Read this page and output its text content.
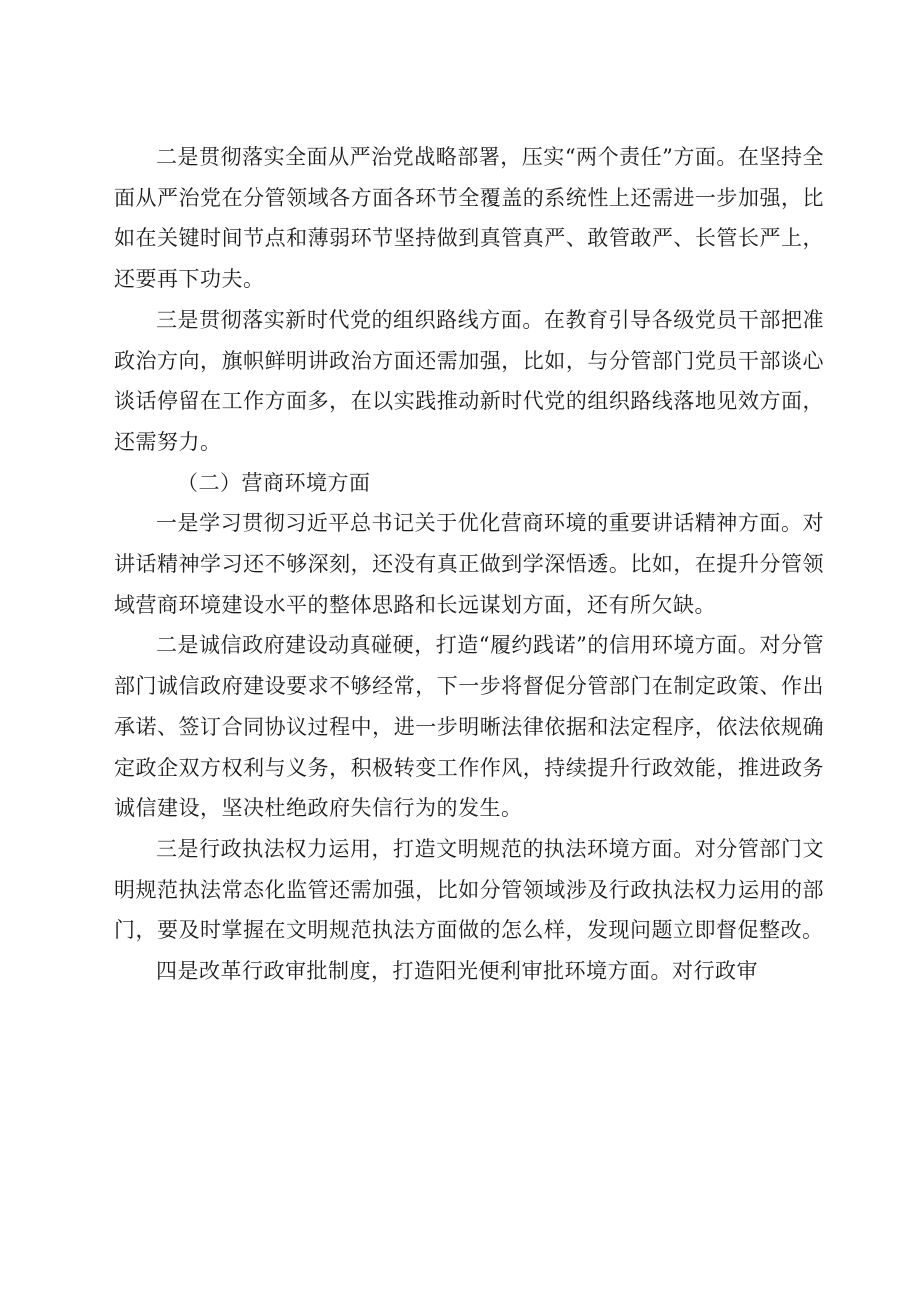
二是贯彻落实全面从严治党战略部署，压实“两个责任”方面。在坚持全面从严治党在分管领域各方面各环节全覆盖的系统性上还需进一步加强，比如在关键时间节点和薄弱环节坚持做到真管真严、敢管敢严、长管长严上，还要再下功夫。

三是贯彻落实新时代党的组织路线方面。在教育引导各级党员干部把准政治方向，旗帜鲜明讲政治方面还需加强，比如，与分管部门党员干部谈心谈话停留在工作方面多，在以实践推动新时代党的组织路线落地见效方面，还需努力。

（二）营商环境方面

一是学习贯彻习近平总书记关于优化营商环境的重要讲话精神方面。对讲话精神学习还不够深刻，还没有真正做到学深悟透。比如，在提升分管领域营商环境建设水平的整体思路和长远谋划方面，还有所欠缺。

二是诚信政府建设动真碰硬，打造“履约践诺”的信用环境方面。对分管部门诚信政府建设要求不够经常，下一步将督促分管部门在制定政策、作出承诺、签订合同协议过程中，进一步明晰法律依据和法定程序，依法依规确定政企双方权利与义务，积极转变工作作风，持续提升行政效能，推进政务诚信建设，坚决杜绝政府失信行为的发生。

三是行政执法权力运用，打造文明规范的执法环境方面。对分管部门文明规范执法常态化监管还需加强，比如分管领域涉及行政执法权力运用的部门，要及时掌握在文明规范执法方面做的怎么样，发现问题立即督促整改。

四是改革行政审批制度，打造阳光便利审批环境方面。对行政审
